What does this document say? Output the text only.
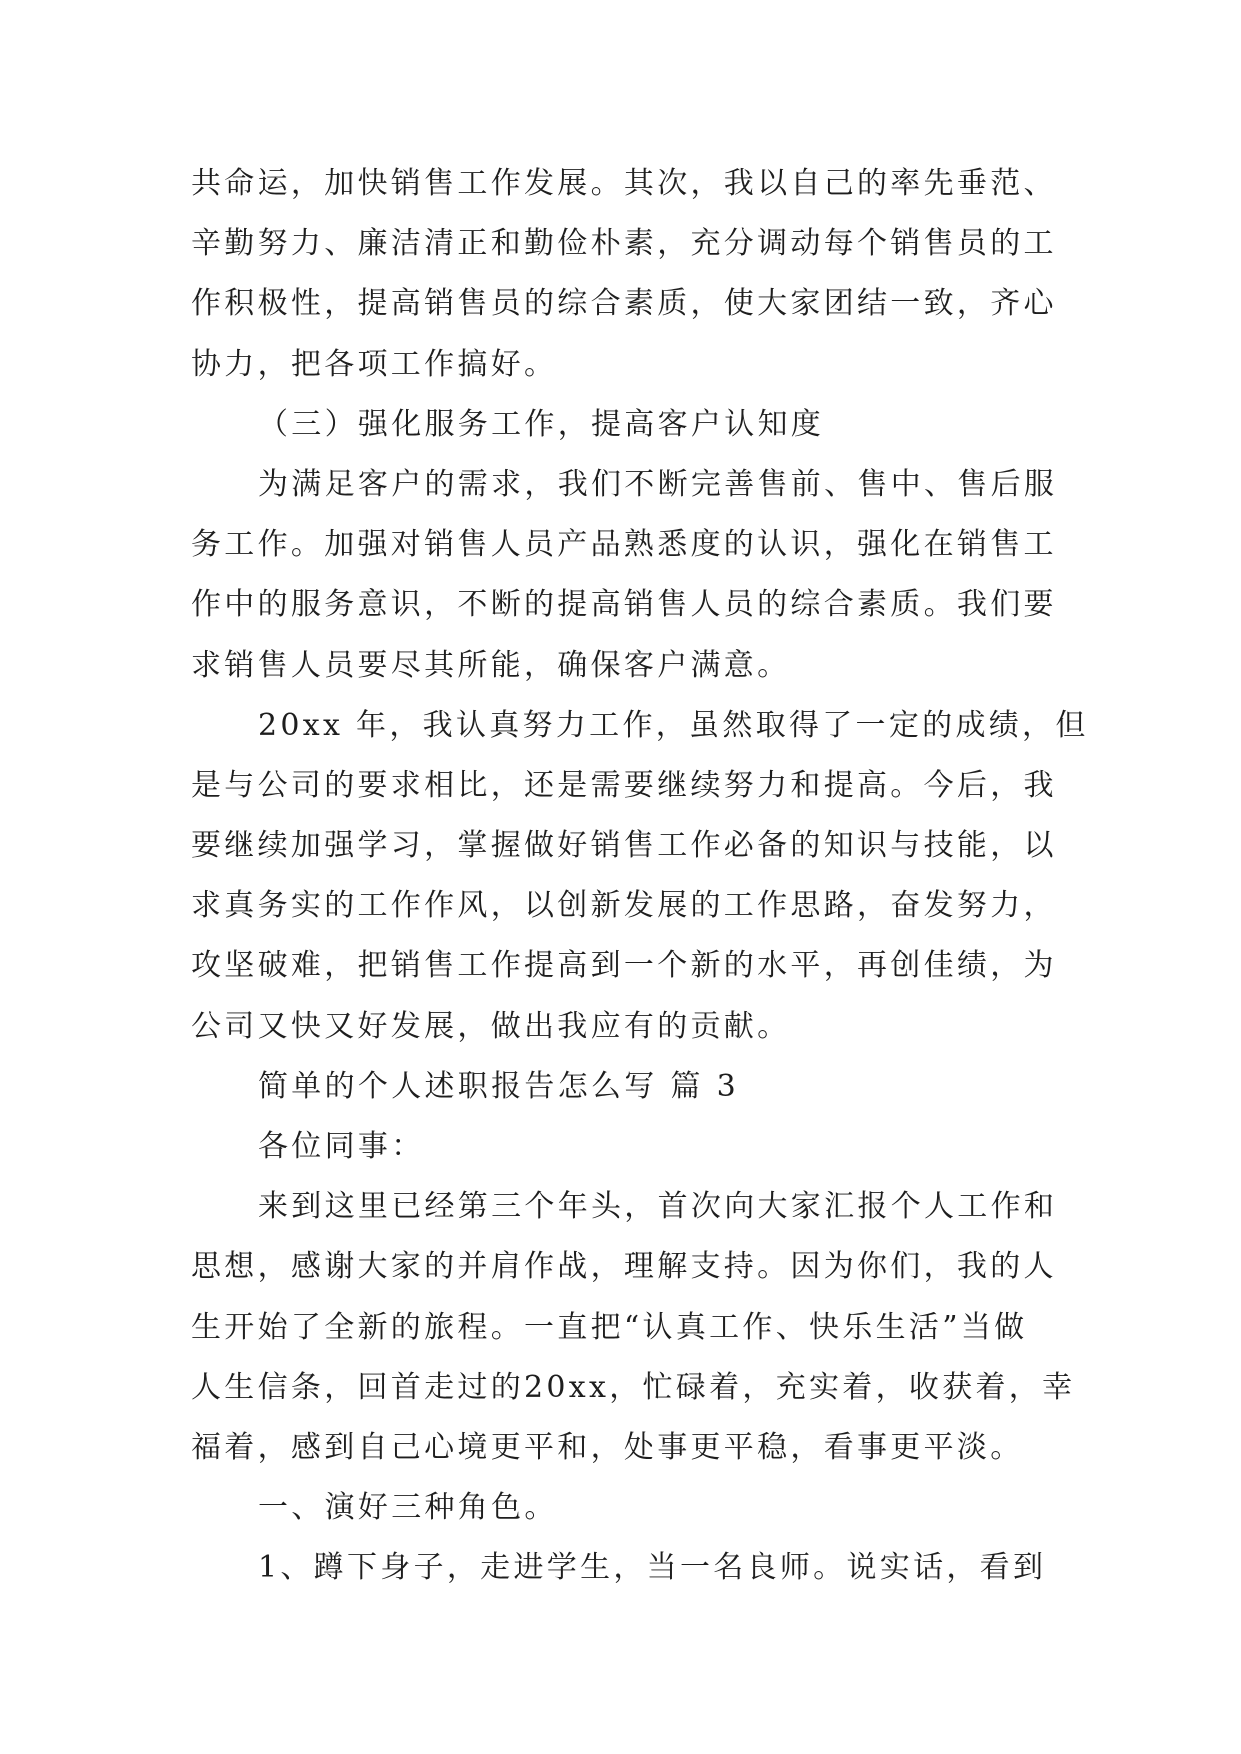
共命运，加快销售工作发展。其次，我以自己的率先垂范、
辛勤努力、廉洁清正和勤俭朴素，充分调动每个销售员的工
作积极性，提高销售员的综合素质，使大家团结一致，齐心
协力，把各项工作搞好。
（三）强化服务工作，提高客户认知度
为满足客户的需求，我们不断完善售前、售中、售后服
务工作。加强对销售人员产品熟悉度的认识，强化在销售工
作中的服务意识，不断的提高销售人员的综合素质。我们要
求销售人员要尽其所能，确保客户满意。
20xx 年，我认真努力工作，虽然取得了一定的成绩，但
是与公司的要求相比，还是需要继续努力和提高。今后，我
要继续加强学习，掌握做好销售工作必备的知识与技能，以
求真务实的工作作风，以创新发展的工作思路，奋发努力，
攻坚破难，把销售工作提高到一个新的水平，再创佳绩，为
公司又快又好发展，做出我应有的贡献。
简单的个人述职报告怎么写 篇 3
各位同事：
来到这里已经第三个年头，首次向大家汇报个人工作和
思想，感谢大家的并肩作战，理解支持。因为你们，我的人
生开始了全新的旅程。一直把“认真工作、快乐生活”当做
人生信条，回首走过的20xx，忙碌着，充实着，收获着，幸
福着，感到自己心境更平和，处事更平稳，看事更平淡。
一、演好三种角色。
1、蹲下身子，走进学生，当一名良师。说实话，看到
